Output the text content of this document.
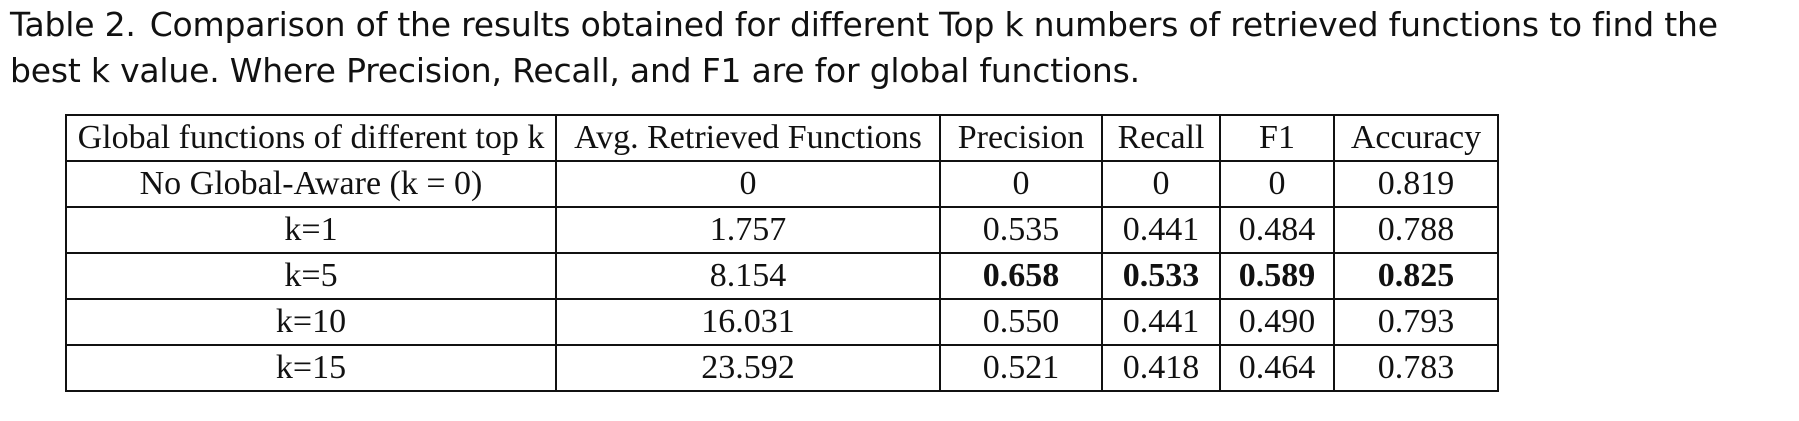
Table 2. Comparison of the results obtained for different Top k numbers of retrieved functions to find the best k value. Where Precision, Recall, and F1 are for global functions.

Global functions of different top k	Avg. Retrieved Functions	Precision	Recall	F1	Accuracy
No Global-Aware (k = 0)	0	0	0	0	0.819
k=1	1.757	0.535	0.441	0.484	0.788
k=5	8.154	0.658	0.533	0.589	0.825
k=10	16.031	0.550	0.441	0.490	0.793
k=15	23.592	0.521	0.418	0.464	0.783
